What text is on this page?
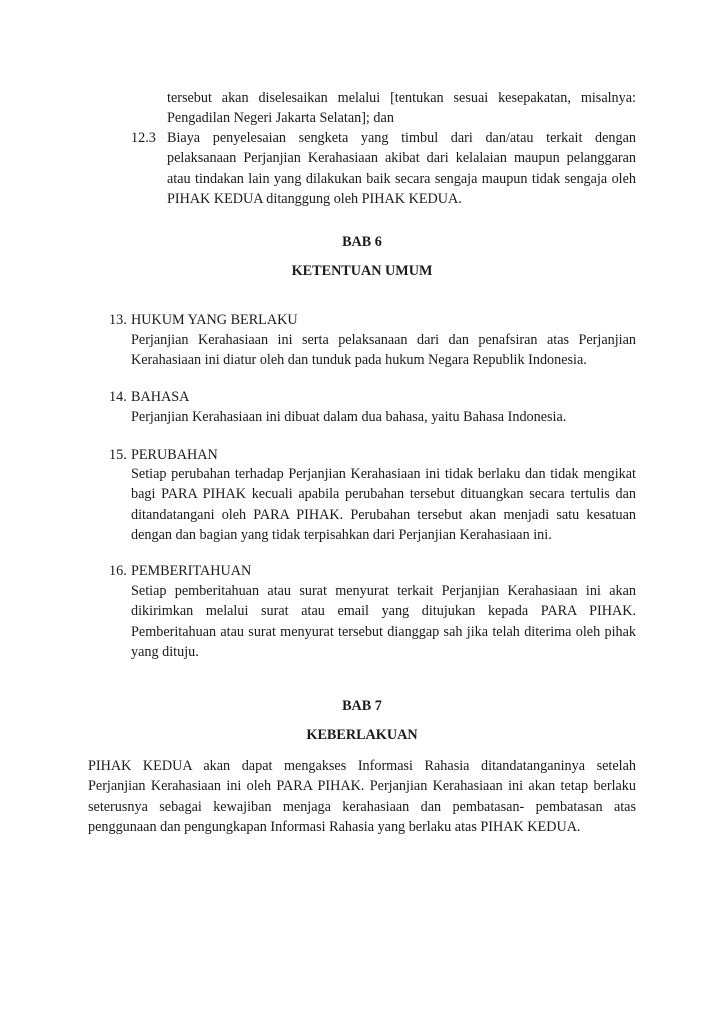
tersebut akan diselesaikan melalui [tentukan sesuai kesepakatan, misalnya:
Pengadilan Negeri Jakarta Selatan]; dan
12.3 Biaya penyelesaian sengketa yang timbul dari dan/atau terkait dengan
pelaksanaan Perjanjian Kerahasiaan akibat dari kelalaian maupun pelanggaran
atau tindakan lain yang dilakukan baik secara sengaja maupun tidak sengaja oleh
PIHAK KEDUA ditanggung oleh PIHAK KEDUA.
BAB 6
KETENTUAN UMUM
13. HUKUM YANG BERLAKU
Perjanjian Kerahasiaan ini serta pelaksanaan dari dan penafsiran atas Perjanjian
Kerahasiaan ini diatur oleh dan tunduk pada hukum Negara Republik Indonesia.
14. BAHASA
Perjanjian Kerahasiaan ini dibuat dalam dua bahasa, yaitu Bahasa Indonesia.
15. PERUBAHAN
Setiap perubahan terhadap Perjanjian Kerahasiaan ini tidak berlaku dan tidak mengikat
bagi PARA PIHAK kecuali apabila perubahan tersebut dituangkan secara tertulis dan
ditandatangani oleh PARA PIHAK. Perubahan tersebut akan menjadi satu kesatuan
dengan dan bagian yang tidak terpisahkan dari Perjanjian Kerahasiaan ini.
16. PEMBERITAHUAN
Setiap pemberitahuan atau surat menyurat terkait Perjanjian Kerahasiaan ini akan
dikirimkan melalui surat atau email yang ditujukan kepada PARA PIHAK.
Pemberitahuan atau surat menyurat tersebut dianggap sah jika telah diterima oleh pihak
yang dituju.
BAB 7
KEBERLAKUAN
PIHAK KEDUA akan dapat mengakses Informasi Rahasia ditandatanganinya setelah
Perjanjian Kerahasiaan ini oleh PARA PIHAK. Perjanjian Kerahasiaan ini akan tetap berlaku
seterusnya sebagai kewajiban menjaga kerahasiaan dan pembatasan- pembatasan atas
penggunaan dan pengungkapan Informasi Rahasia yang berlaku atas PIHAK KEDUA.
